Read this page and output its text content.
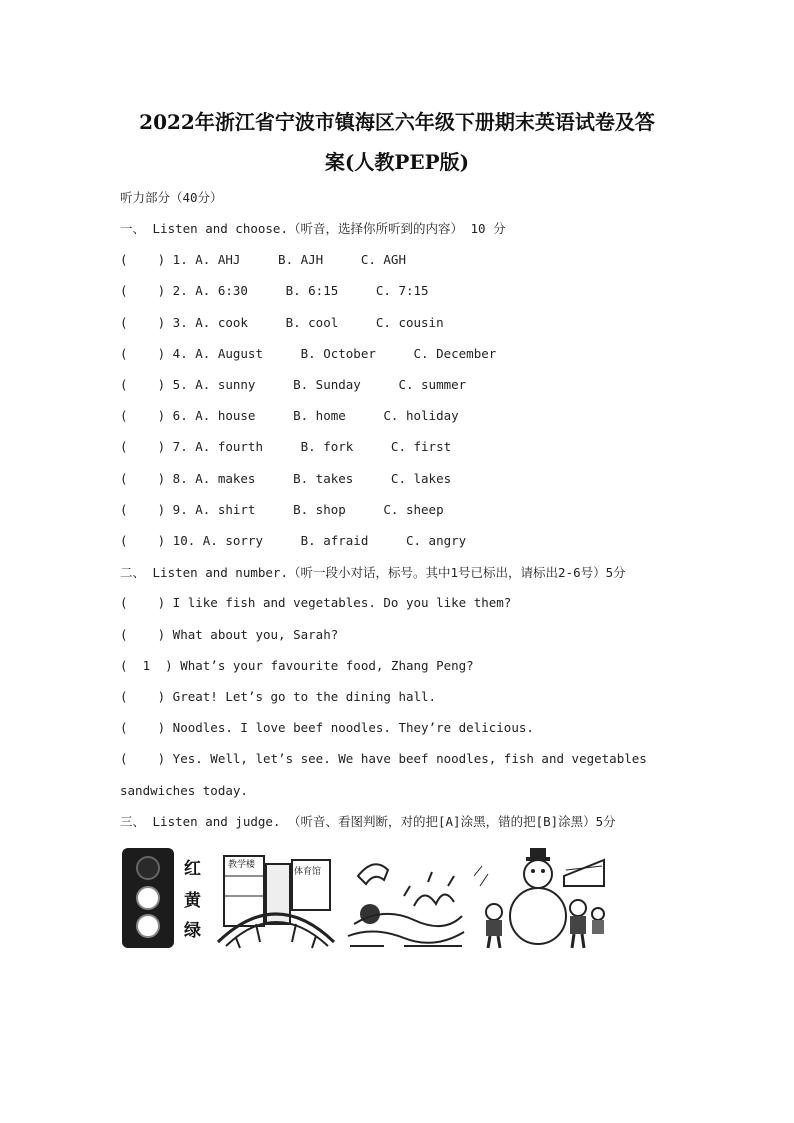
2022年浙江省宁波市镇海区六年级下册期末英语试卷及答
案(人教PEP版)
听力部分（40分）
一、 Listen and choose.（听音，选择你所听到的内容） 10 分
(    ) 1. A. AHJ     B. AJH     C. AGH
(    ) 2. A. 6:30     B. 6:15     C. 7:15
(    ) 3. A. cook     B. cool     C. cousin
(    ) 4. A. August     B. October     C. December
(    ) 5. A. sunny     B. Sunday     C. summer
(    ) 6. A. house     B. home     C. holiday
(    ) 7. A. fourth     B. fork     C. first
(    ) 8. A. makes     B. takes     C. lakes
(    ) 9. A. shirt     B. shop     C. sheep
(    ) 10. A. sorry     B. afraid     C. angry
二、 Listen and number.（听一段小对话，标号。其中1号已标出，请标出2-6号）5分
(    ) I like fish and vegetables. Do you like them?
(    ) What about you, Sarah?
(  1  ) What’s your favourite food, Zhang Peng?
(    ) Great! Let’s go to the dining hall.
(    ) Noodles. I love beef noodles. They’re delicious.
(    ) Yes. Well, let’s see. We have beef noodles, fish and vegetables
sandwiches today.
三、 Listen and judge. （听音、看图判断，对的把[A]涂黑，错的把[B]涂黑）5分
红
黄
绿
教学楼
体育馆
